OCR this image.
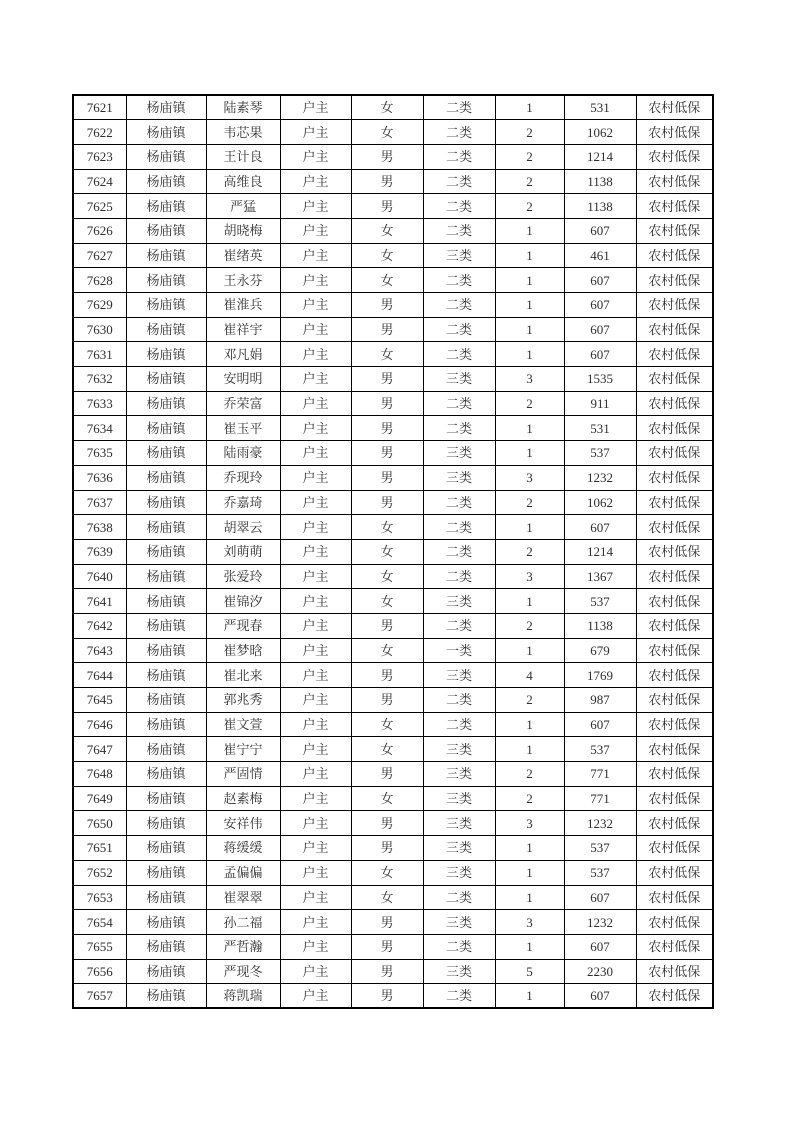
7621	杨庙镇	陆素琴	户主	女	二类	1	531	农村低保
7622	杨庙镇	韦芯果	户主	女	二类	2	1062	农村低保
7623	杨庙镇	王计良	户主	男	二类	2	1214	农村低保
7624	杨庙镇	高维良	户主	男	二类	2	1138	农村低保
7625	杨庙镇	严猛	户主	男	二类	2	1138	农村低保
7626	杨庙镇	胡晓梅	户主	女	二类	1	607	农村低保
7627	杨庙镇	崔绪英	户主	女	三类	1	461	农村低保
7628	杨庙镇	王永芬	户主	女	二类	1	607	农村低保
7629	杨庙镇	崔淮兵	户主	男	二类	1	607	农村低保
7630	杨庙镇	崔祥宇	户主	男	二类	1	607	农村低保
7631	杨庙镇	邓凡娟	户主	女	二类	1	607	农村低保
7632	杨庙镇	安明明	户主	男	三类	3	1535	农村低保
7633	杨庙镇	乔荣富	户主	男	二类	2	911	农村低保
7634	杨庙镇	崔玉平	户主	男	二类	1	531	农村低保
7635	杨庙镇	陆雨豪	户主	男	三类	1	537	农村低保
7636	杨庙镇	乔现玲	户主	男	三类	3	1232	农村低保
7637	杨庙镇	乔嘉琦	户主	男	二类	2	1062	农村低保
7638	杨庙镇	胡翠云	户主	女	二类	1	607	农村低保
7639	杨庙镇	刘萌萌	户主	女	二类	2	1214	农村低保
7640	杨庙镇	张爱玲	户主	女	二类	3	1367	农村低保
7641	杨庙镇	崔锦汐	户主	女	三类	1	537	农村低保
7642	杨庙镇	严现春	户主	男	二类	2	1138	农村低保
7643	杨庙镇	崔梦晗	户主	女	一类	1	679	农村低保
7644	杨庙镇	崔北来	户主	男	三类	4	1769	农村低保
7645	杨庙镇	郭兆秀	户主	男	二类	2	987	农村低保
7646	杨庙镇	崔文萱	户主	女	二类	1	607	农村低保
7647	杨庙镇	崔宁宁	户主	女	三类	1	537	农村低保
7648	杨庙镇	严固情	户主	男	三类	2	771	农村低保
7649	杨庙镇	赵素梅	户主	女	三类	2	771	农村低保
7650	杨庙镇	安祥伟	户主	男	三类	3	1232	农村低保
7651	杨庙镇	蒋缓缓	户主	男	三类	1	537	农村低保
7652	杨庙镇	孟偏偏	户主	女	三类	1	537	农村低保
7653	杨庙镇	崔翠翠	户主	女	二类	1	607	农村低保
7654	杨庙镇	孙二福	户主	男	三类	3	1232	农村低保
7655	杨庙镇	严哲瀚	户主	男	二类	1	607	农村低保
7656	杨庙镇	严现冬	户主	男	三类	5	2230	农村低保
7657	杨庙镇	蒋凯瑞	户主	男	二类	1	607	农村低保
